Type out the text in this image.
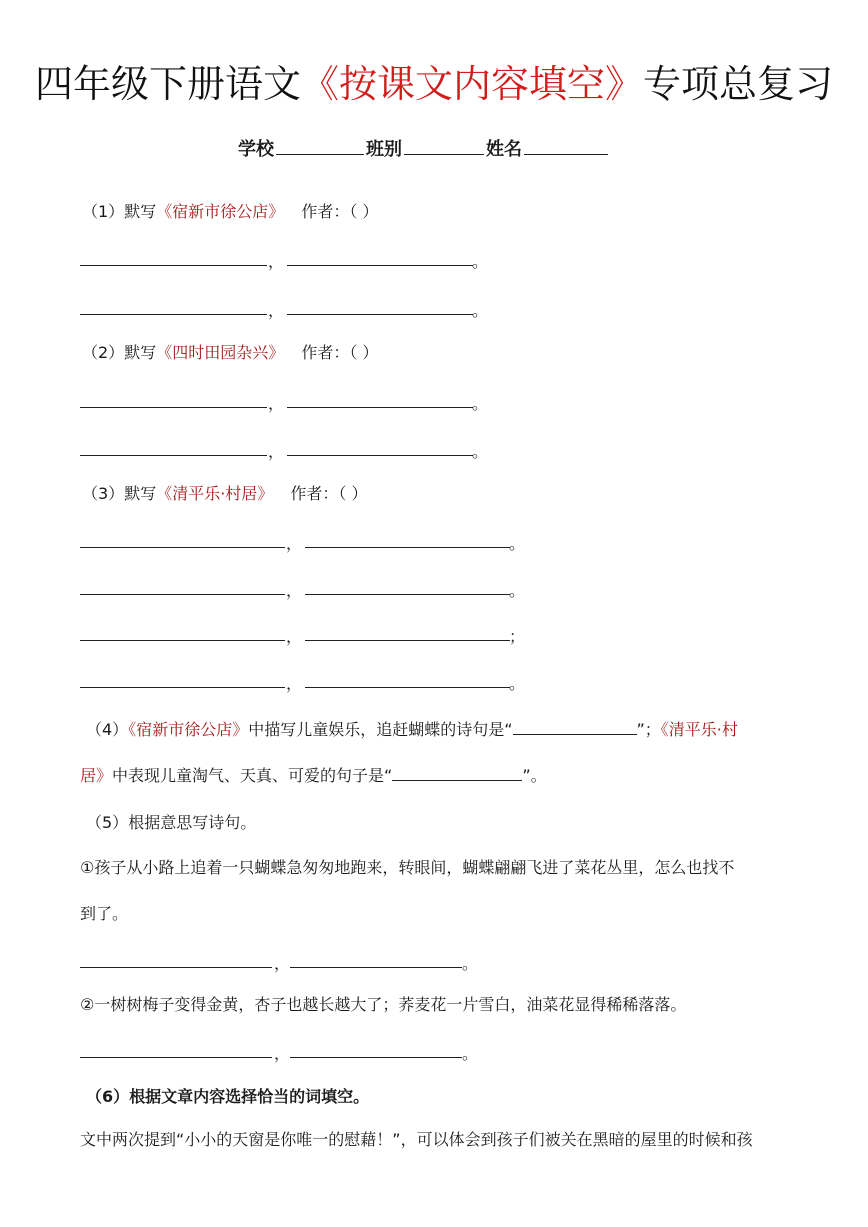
四年级下册语文《按课文内容填空》专项总复习
学校	班别	姓名
（1）默写《宿新市徐公店》 作者：（ ）
，	。
，	。
（2）默写《四时田园杂兴》 作者：（ ）
，	。
，	。
（3）默写《清平乐·村居》 作者：（ ）
，	。
，	。
，	；
，	。
（4）《宿新市徐公店》中描写儿童娱乐，追赶蝴蝶的诗句是“	”；《清平乐·村
居》中表现儿童淘气、天真、可爱的句子是“	”。
（5）根据意思写诗句。
①孩子从小路上追着一只蝴蝶急匆匆地跑来，转眼间，蝴蝶翩翩飞进了菜花丛里，怎么也找不
到了。
，	。
②一树树梅子变得金黄，杏子也越长越大了；荞麦花一片雪白，油菜花显得稀稀落落。
，	。
（6）根据文章内容选择恰当的词填空。
文中两次提到“小小的天窗是你唯一的慰藉！”，可以体会到孩子们被关在黑暗的屋里的时候和孩
